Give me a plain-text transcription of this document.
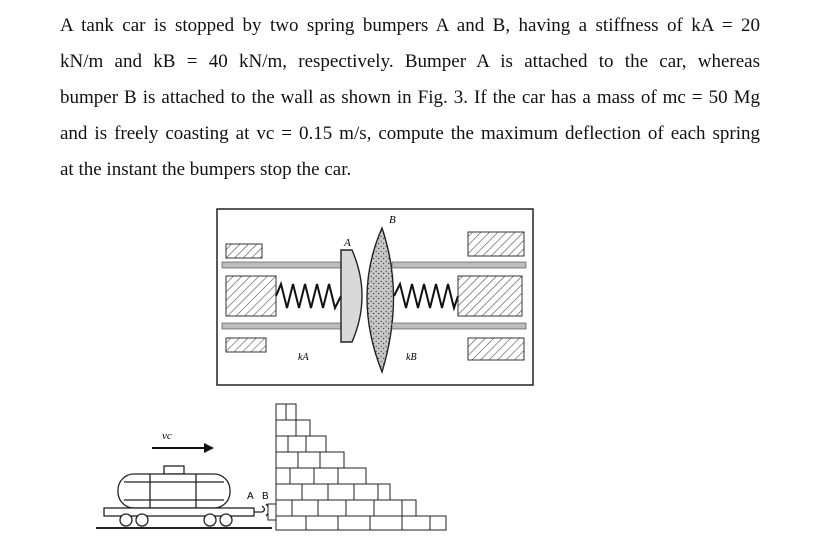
A tank car is stopped by two spring bumpers A and B, having a stiffness of kA = 20
kN/m and kB = 40 kN/m, respectively. Bumper A is attached to the car, whereas
bumper B is attached to the wall as shown in Fig. 3. If the car has a mass of mc = 50 Mg
and is freely coasting at vc = 0.15 m/s, compute the maximum deflection of each spring
at the instant the bumpers stop the car.
A
B
kA	kB
vc
A B
